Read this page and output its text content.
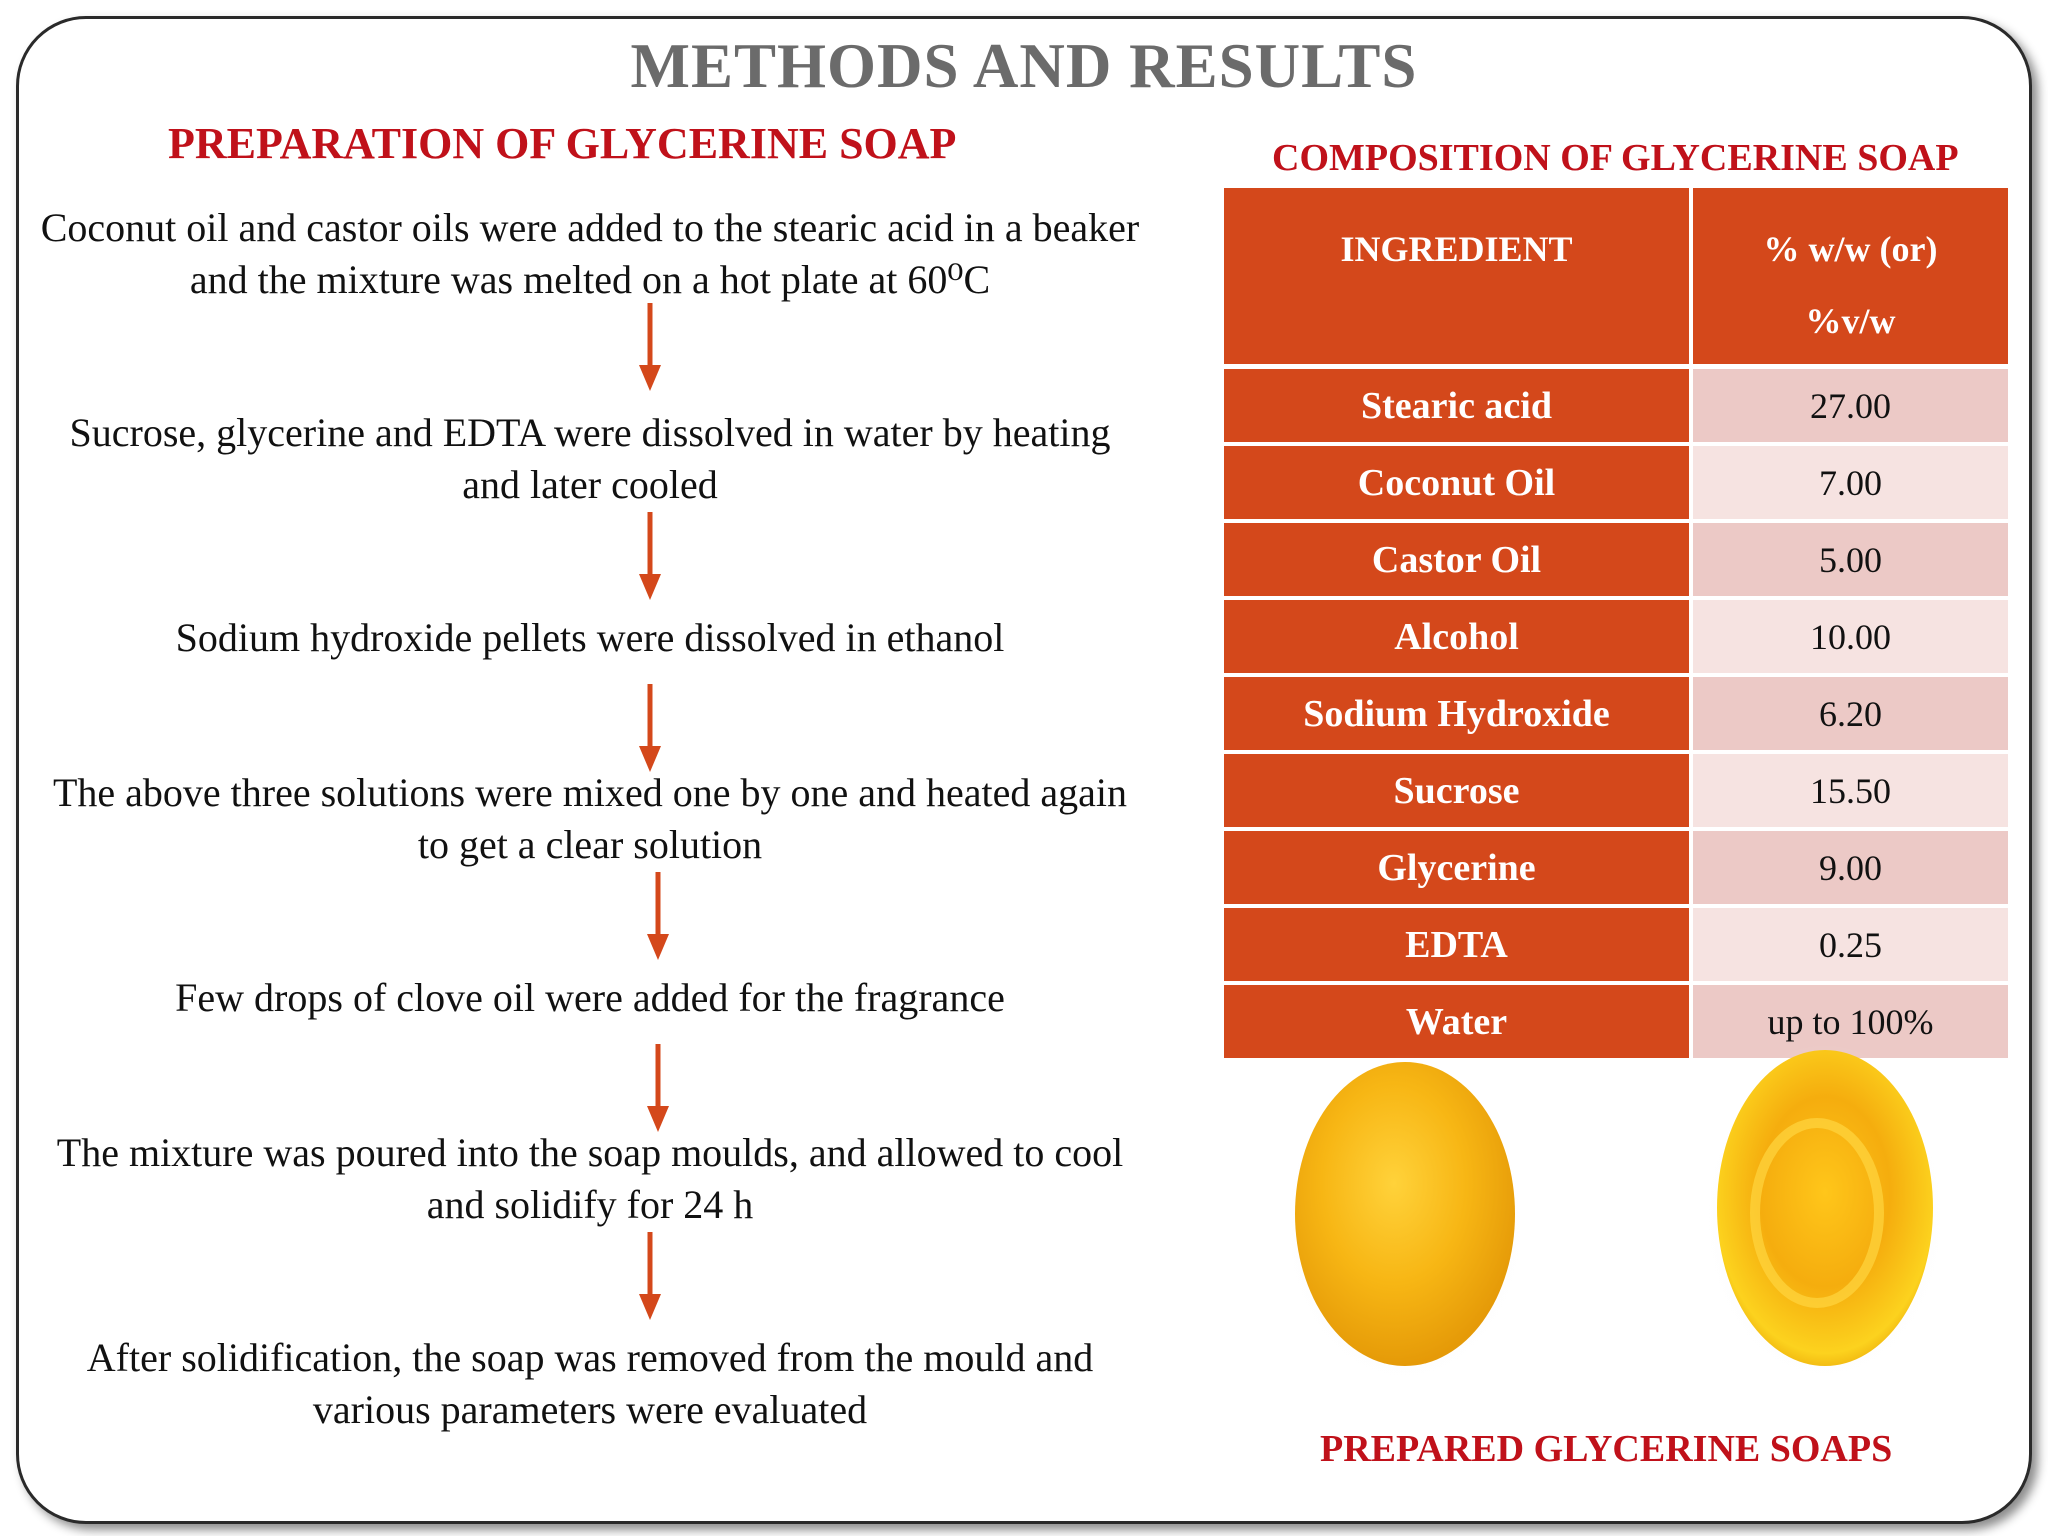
METHODS AND RESULTS
PREPARATION OF GLYCERINE SOAP	COMPOSITION OF GLYCERINE SOAP
Coconut oil and castor oils were added to the stearic acid in a beaker and the mixture was melted on a hot plate at 60⁰C
Sucrose, glycerine and EDTA were dissolved in water by heating and later cooled
Sodium hydroxide pellets were dissolved in ethanol
The above three solutions were mixed one by one and heated again to get a clear solution
Few drops of clove oil were added for the fragrance
The mixture was poured into the soap moulds, and allowed to cool and solidify for 24 h
After solidification, the soap was removed from the mould and various parameters were evaluated
INGREDIENT	% w/w (or)
%v/w
Stearic acid	27.00
Coconut Oil	7.00
Castor Oil	5.00
Alcohol	10.00
Sodium Hydroxide	6.20
Sucrose	15.50
Glycerine	9.00
EDTA	0.25
Water	up to 100%
PREPARED GLYCERINE SOAPS
